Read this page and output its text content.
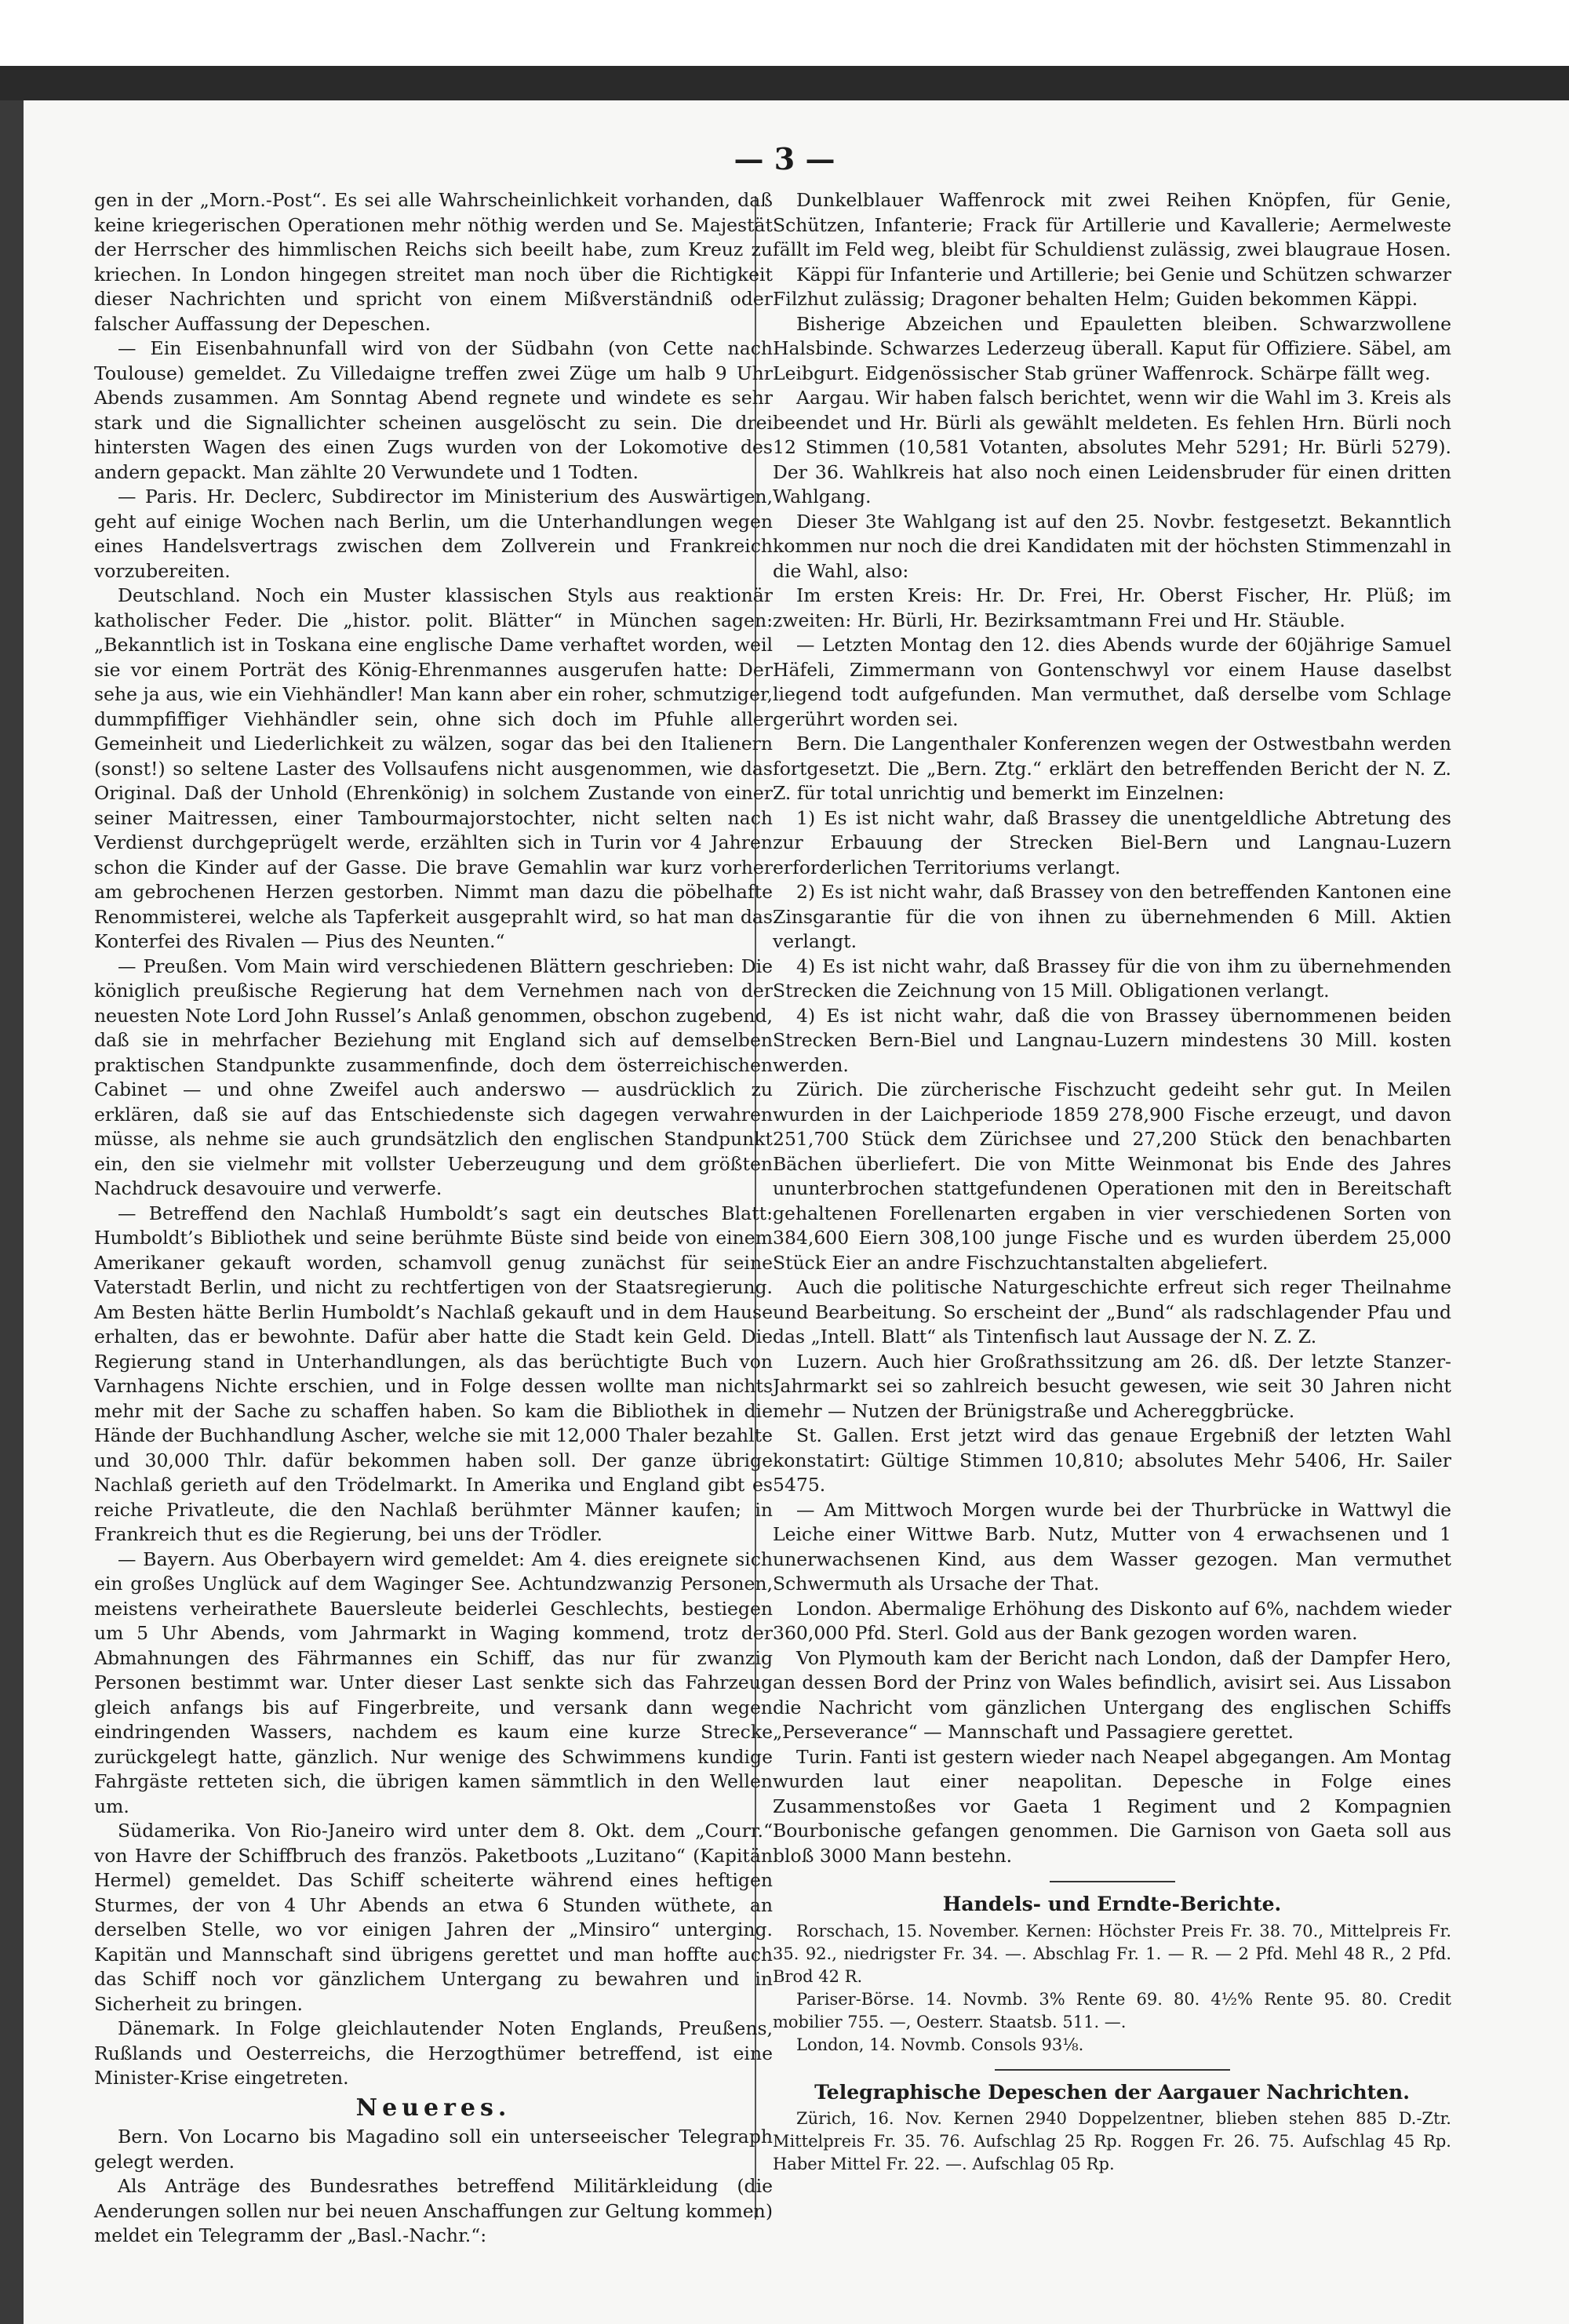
— 3 —

gen in der „Morn.-Post“. Es sei alle Wahrscheinlichkeit vorhanden, daß keine kriegerischen Operationen mehr nöthig werden und Se. Majestät der Herrscher des himmlischen Reichs sich beeilt habe, zum Kreuz zu kriechen. In London hingegen streitet man noch über die Richtigkeit dieser Nachrichten und spricht von einem Mißverständniß oder falscher Auffassung der Depeschen.

— Ein Eisenbahnunfall wird von der Südbahn (von Cette nach Toulouse) gemeldet. Zu Villedaigne treffen zwei Züge um halb 9 Uhr Abends zusammen. Am Sonntag Abend regnete und windete es sehr stark und die Signallichter scheinen ausgelöscht zu sein. Die drei hintersten Wagen des einen Zugs wurden von der Lokomotive des andern gepackt. Man zählte 20 Verwundete und 1 Todten.

— Paris. Hr. Declerc, Subdirector im Ministerium des Auswärtigen, geht auf einige Wochen nach Berlin, um die Unterhandlungen wegen eines Handelsvertrags zwischen dem Zollverein und Frankreich vorzubereiten.

Deutschland. Noch ein Muster klassischen Styls aus reaktionär katholischer Feder. Die „histor. polit. Blätter“ in München sagen: „Bekanntlich ist in Toskana eine englische Dame verhaftet worden, weil sie vor einem Porträt des König-Ehrenmannes ausgerufen hatte: Der sehe ja aus, wie ein Viehhändler! Man kann aber ein roher, schmutziger, dummpfiffiger Viehhändler sein, ohne sich doch im Pfuhle aller Gemeinheit und Liederlichkeit zu wälzen, sogar das bei den Italienern (sonst!) so seltene Laster des Vollsaufens nicht ausgenommen, wie das Original. Daß der Unhold (Ehrenkönig) in solchem Zustande von einer seiner Maitressen, einer Tambourmajorstochter, nicht selten nach Verdienst durchgeprügelt werde, erzählten sich in Turin vor 4 Jahren schon die Kinder auf der Gasse. Die brave Gemahlin war kurz vorher am gebrochenen Herzen gestorben. Nimmt man dazu die pöbelhafte Renommisterei, welche als Tapferkeit ausgeprahlt wird, so hat man das Konterfei des Rivalen — Pius des Neunten.“

— Preußen. Vom Main wird verschiedenen Blättern geschrieben: Die königlich preußische Regierung hat dem Vernehmen nach von der neuesten Note Lord John Russel’s Anlaß genommen, obschon zugebend, daß sie in mehrfacher Beziehung mit England sich auf demselben praktischen Standpunkte zusammenfinde, doch dem österreichischen Cabinet — und ohne Zweifel auch anderswo — ausdrücklich zu erklären, daß sie auf das Entschiedenste sich dagegen verwahren müsse, als nehme sie auch grundsätzlich den englischen Standpunkt ein, den sie vielmehr mit vollster Ueberzeugung und dem größten Nachdruck desavouire und verwerfe.

— Betreffend den Nachlaß Humboldt’s sagt ein deutsches Blatt: Humboldt’s Bibliothek und seine berühmte Büste sind beide von einem Amerikaner gekauft worden, schamvoll genug zunächst für seine Vaterstadt Berlin, und nicht zu rechtfertigen von der Staatsregierung. Am Besten hätte Berlin Humboldt’s Nachlaß gekauft und in dem Hause erhalten, das er bewohnte. Dafür aber hatte die Stadt kein Geld. Die Regierung stand in Unterhandlungen, als das berüchtigte Buch von Varnhagens Nichte erschien, und in Folge dessen wollte man nichts mehr mit der Sache zu schaffen haben. So kam die Bibliothek in die Hände der Buchhandlung Ascher, welche sie mit 12,000 Thaler bezahlte und 30,000 Thlr. dafür bekommen haben soll. Der ganze übrige Nachlaß gerieth auf den Trödelmarkt. In Amerika und England gibt es reiche Privatleute, die den Nachlaß berühmter Männer kaufen; in Frankreich thut es die Regierung, bei uns der Trödler.

— Bayern. Aus Oberbayern wird gemeldet: Am 4. dies ereignete sich ein großes Unglück auf dem Waginger See. Achtundzwanzig Personen, meistens verheirathete Bauersleute beiderlei Geschlechts, bestiegen um 5 Uhr Abends, vom Jahrmarkt in Waging kommend, trotz der Abmahnungen des Fährmannes ein Schiff, das nur für zwanzig Personen bestimmt war. Unter dieser Last senkte sich das Fahrzeug gleich anfangs bis auf Fingerbreite, und versank dann wegen eindringenden Wassers, nachdem es kaum eine kurze Strecke zurückgelegt hatte, gänzlich. Nur wenige des Schwimmens kundige Fahrgäste retteten sich, die übrigen kamen sämmtlich in den Wellen um.

Südamerika. Von Rio-Janeiro wird unter dem 8. Okt. dem „Courr.“ von Havre der Schiffbruch des französ. Paketboots „Luzitano“ (Kapitän Hermel) gemeldet. Das Schiff scheiterte während eines heftigen Sturmes, der von 4 Uhr Abends an etwa 6 Stunden wüthete, an derselben Stelle, wo vor einigen Jahren der „Minsiro“ unterging. Kapitän und Mannschaft sind übrigens gerettet und man hoffte auch das Schiff noch vor gänzlichem Untergang zu bewahren und in Sicherheit zu bringen.

Dänemark. In Folge gleichlautender Noten Englands, Preußens, Rußlands und Oesterreichs, die Herzogthümer betreffend, ist eine Minister-Krise eingetreten.

Neueres.

Bern. Von Locarno bis Magadino soll ein unterseeischer Telegraph gelegt werden.

Als Anträge des Bundesrathes betreffend Militärkleidung (die Aenderungen sollen nur bei neuen Anschaffungen zur Geltung kommen) meldet ein Telegramm der „Basl.-Nachr.“:

Dunkelblauer Waffenrock mit zwei Reihen Knöpfen, für Genie, Schützen, Infanterie; Frack für Artillerie und Kavallerie; Aermelweste fällt im Feld weg, bleibt für Schuldienst zulässig, zwei blaugraue Hosen.

Käppi für Infanterie und Artillerie; bei Genie und Schützen schwarzer Filzhut zulässig; Dragoner behalten Helm; Guiden bekommen Käppi.

Bisherige Abzeichen und Epauletten bleiben. Schwarzwollene Halsbinde. Schwarzes Lederzeug überall. Kaput für Offiziere. Säbel, am Leibgurt. Eidgenössischer Stab grüner Waffenrock. Schärpe fällt weg.

Aargau. Wir haben falsch berichtet, wenn wir die Wahl im 3. Kreis als beendet und Hr. Bürli als gewählt meldeten. Es fehlen Hrn. Bürli noch 12 Stimmen (10,581 Votanten, absolutes Mehr 5291; Hr. Bürli 5279). Der 36. Wahlkreis hat also noch einen Leidensbruder für einen dritten Wahlgang.

Dieser 3te Wahlgang ist auf den 25. Novbr. festgesetzt. Bekanntlich kommen nur noch die drei Kandidaten mit der höchsten Stimmenzahl in die Wahl, also:

Im ersten Kreis: Hr. Dr. Frei, Hr. Oberst Fischer, Hr. Plüß; im zweiten: Hr. Bürli, Hr. Bezirksamtmann Frei und Hr. Stäuble.

— Letzten Montag den 12. dies Abends wurde der 60jährige Samuel Häfeli, Zimmermann von Gontenschwyl vor einem Hause daselbst liegend todt aufgefunden. Man vermuthet, daß derselbe vom Schlage gerührt worden sei.

Bern. Die Langenthaler Konferenzen wegen der Ostwestbahn werden fortgesetzt. Die „Bern. Ztg.“ erklärt den betreffenden Bericht der N. Z. Z. für total unrichtig und bemerkt im Einzelnen:

1) Es ist nicht wahr, daß Brassey die unentgeldliche Abtretung des zur Erbauung der Strecken Biel-Bern und Langnau-Luzern erforderlichen Territoriums verlangt.

2) Es ist nicht wahr, daß Brassey von den betreffenden Kantonen eine Zinsgarantie für die von ihnen zu übernehmenden 6 Mill. Aktien verlangt.

4) Es ist nicht wahr, daß Brassey für die von ihm zu übernehmenden Strecken die Zeichnung von 15 Mill. Obligationen verlangt.

4) Es ist nicht wahr, daß die von Brassey übernommenen beiden Strecken Bern-Biel und Langnau-Luzern mindestens 30 Mill. kosten werden.

Zürich. Die zürcherische Fischzucht gedeiht sehr gut. In Meilen wurden in der Laichperiode 1859 278,900 Fische erzeugt, und davon 251,700 Stück dem Zürichsee und 27,200 Stück den benachbarten Bächen überliefert. Die von Mitte Weinmonat bis Ende des Jahres ununterbrochen stattgefundenen Operationen mit den in Bereitschaft gehaltenen Forellenarten ergaben in vier verschiedenen Sorten von 384,600 Eiern 308,100 junge Fische und es wurden überdem 25,000 Stück Eier an andre Fischzuchtanstalten abgeliefert.

Auch die politische Naturgeschichte erfreut sich reger Theilnahme und Bearbeitung. So erscheint der „Bund“ als radschlagender Pfau und das „Intell. Blatt“ als Tintenfisch laut Aussage der N. Z. Z.

Luzern. Auch hier Großrathssitzung am 26. dß. Der letzte Stanzer-Jahrmarkt sei so zahlreich besucht gewesen, wie seit 30 Jahren nicht mehr — Nutzen der Brünigstraße und Achereggbrücke.

St. Gallen. Erst jetzt wird das genaue Ergebniß der letzten Wahl konstatirt: Gültige Stimmen 10,810; absolutes Mehr 5406, Hr. Sailer 5475.

— Am Mittwoch Morgen wurde bei der Thurbrücke in Wattwyl die Leiche einer Wittwe Barb. Nutz, Mutter von 4 erwachsenen und 1 unerwachsenen Kind, aus dem Wasser gezogen. Man vermuthet Schwermuth als Ursache der That.

London. Abermalige Erhöhung des Diskonto auf 6%, nachdem wieder 360,000 Pfd. Sterl. Gold aus der Bank gezogen worden waren.

Von Plymouth kam der Bericht nach London, daß der Dampfer Hero, an dessen Bord der Prinz von Wales befindlich, avisirt sei. Aus Lissabon die Nachricht vom gänzlichen Untergang des englischen Schiffs „Perseverance“ — Mannschaft und Passagiere gerettet.

Turin. Fanti ist gestern wieder nach Neapel abgegangen. Am Montag wurden laut einer neapolitan. Depesche in Folge eines Zusammenstoßes vor Gaeta 1 Regiment und 2 Kompagnien Bourbonische gefangen genommen. Die Garnison von Gaeta soll aus bloß 3000 Mann bestehn.

Handels- und Erndte-Berichte.

Rorschach, 15. November. Kernen: Höchster Preis Fr. 38. 70., Mittelpreis Fr. 35. 92., niedrigster Fr. 34. —. Abschlag Fr. 1. — R. — 2 Pfd. Mehl 48 R., 2 Pfd. Brod 42 R.

Pariser-Börse. 14. Novmb. 3% Rente 69. 80. 4½% Rente 95. 80. Credit mobilier 755. —, Oesterr. Staatsb. 511. —.

London, 14. Novmb. Consols 93⅛.

Telegraphische Depeschen der Aargauer Nachrichten.

Zürich, 16. Nov. Kernen 2940 Doppelzentner, blieben stehen 885 D.-Ztr. Mittelpreis Fr. 35. 76. Aufschlag 25 Rp. Roggen Fr. 26. 75. Aufschlag 45 Rp. Haber Mittel Fr. 22. —. Aufschlag 05 Rp.
